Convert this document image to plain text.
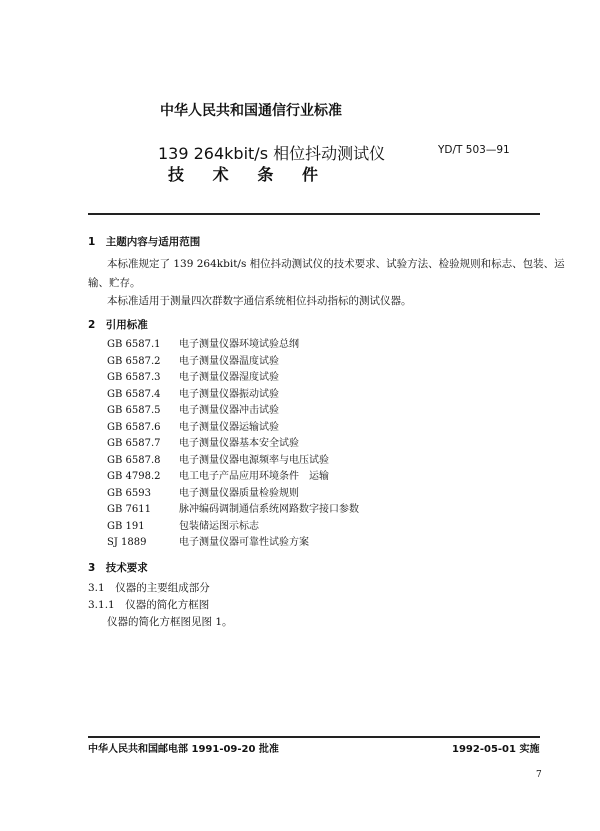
中华人民共和国通信行业标准
139 264kbit/s 相位抖动测试仪
技 术 条 件
YD/T 503—91
1　主题内容与适用范围
本标准规定了 139 264kbit/s 相位抖动测试仪的技术要求、试验方法、检验规则和标志、包装、运
输、贮存。
本标准适用于测量四次群数字通信系统相位抖动指标的测试仪器。
2　引用标准
GB 6587.1 电子测量仪器环境试验总纲
GB 6587.2 电子测量仪器温度试验
GB 6587.3 电子测量仪器湿度试验
GB 6587.4 电子测量仪器振动试验
GB 6587.5 电子测量仪器冲击试验
GB 6587.6 电子测量仪器运输试验
GB 6587.7 电子测量仪器基本安全试验
GB 6587.8 电子测量仪器电源频率与电压试验
GB 4798.2 电工电子产品应用环境条件　运输
GB 6593	电子测量仪器质量检验规则
GB 7611	脉冲编码调制通信系统网路数字接口参数
GB 191	包装储运图示标志
SJ 1889	电子测量仪器可靠性试验方案
3　技术要求
3.1　仪器的主要组成部分
3.1.1　仪器的简化方框图
仪器的简化方框图见图 1。
中华人民共和国邮电部 1991-09-20 批准	1992-05-01 实施
7
